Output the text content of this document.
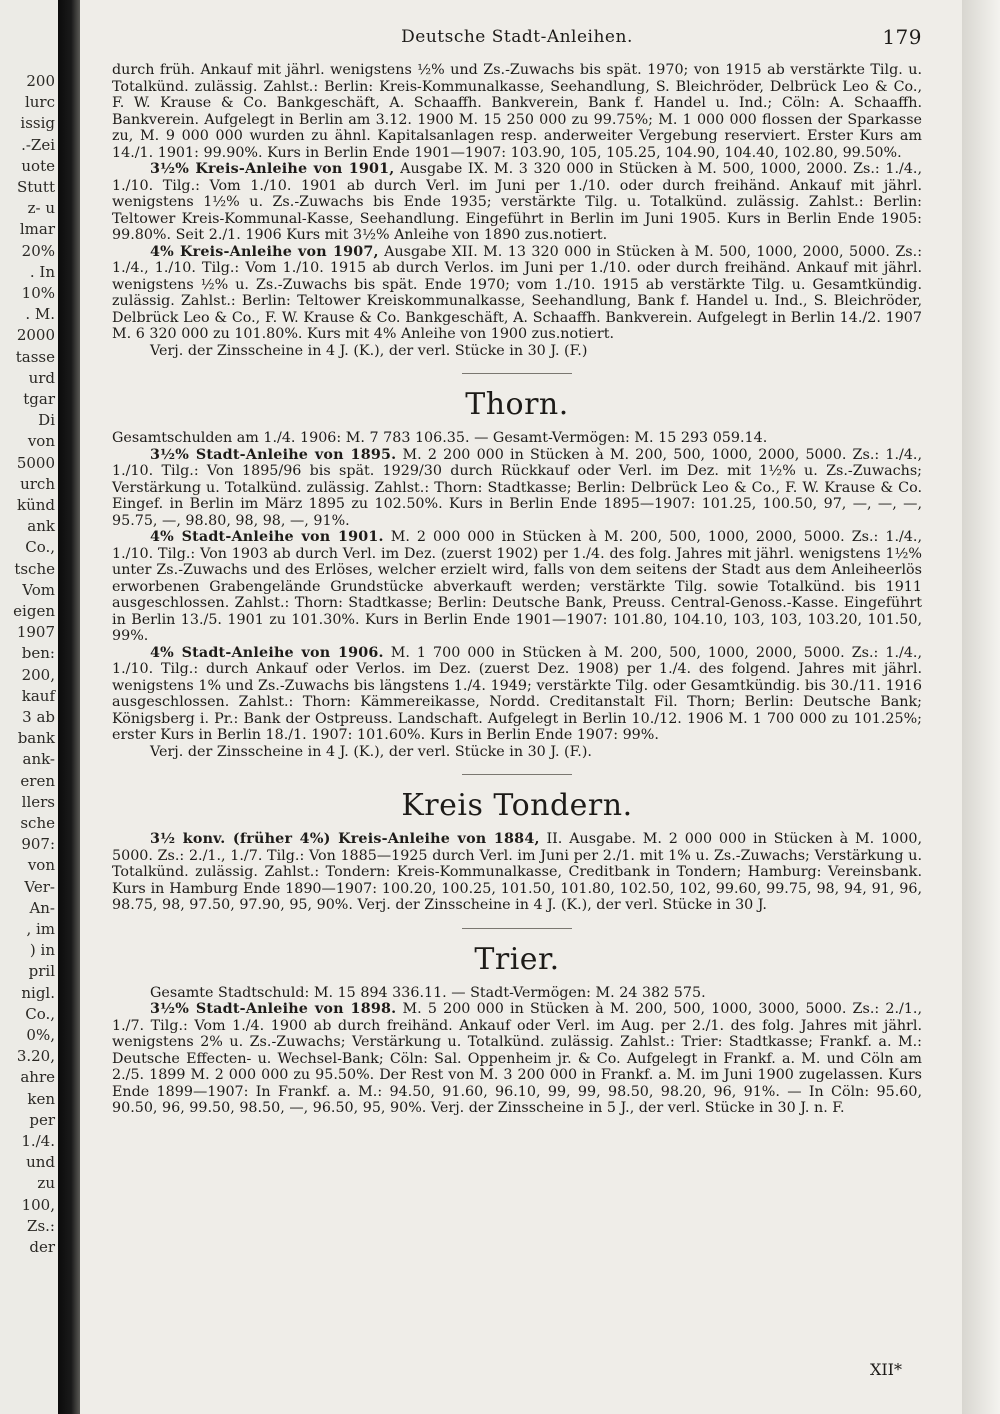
200
lurc
issig
.-Zei
uote
Stutt
z- u
lmar
20%
. In
10%
. M.
2000
tasse
urd
tgar
Di
von
5000
urch
künd
ank
Co.,
tsche
Vom
eigen
1907
ben:
200,
kauf
3 ab
bank
ank-
eren
llers
sche
907:
von
Ver-
An-
, im
) in
pril
nigl.
Co.,
0%,
3.20,
ahre
ken
per
1./4.
und
zu
100,
Zs.:
der
Deutsche Stadt-Anleihen.	179

durch früh. Ankauf mit jährl. wenigstens ½% und Zs.-Zuwachs bis spät. 1970; von 1915 ab verstärkte Tilg. u. Totalkünd. zulässig. Zahlst.: Berlin: Kreis-Kommunalkasse, Seehandlung, S. Bleichröder, Delbrück Leo & Co., F. W. Krause & Co. Bankgeschäft, A. Schaaffh. Bankverein, Bank f. Handel u. Ind.; Cöln: A. Schaaffh. Bankverein. Aufgelegt in Berlin am 3.12. 1900 M. 15 250 000 zu 99.75%; M. 1 000 000 flossen der Sparkasse zu, M. 9 000 000 wurden zu ähnl. Kapitalsanlagen resp. anderweiter Vergebung reserviert. Erster Kurs am 14./1. 1901: 99.90%. Kurs in Berlin Ende 1901—1907: 103.90, 105, 105.25, 104.90, 104.40, 102.80, 99.50%.

3½% Kreis-Anleihe von 1901, Ausgabe IX. M. 3 320 000 in Stücken à M. 500, 1000, 2000. Zs.: 1./4., 1./10. Tilg.: Vom 1./10. 1901 ab durch Verl. im Juni per 1./10. oder durch freihänd. Ankauf mit jährl. wenigstens 1½% u. Zs.-Zuwachs bis Ende 1935; verstärkte Tilg. u. Totalkünd. zulässig. Zahlst.: Berlin: Teltower Kreis-Kommunal-Kasse, Seehandlung. Eingeführt in Berlin im Juni 1905. Kurs in Berlin Ende 1905: 99.80%. Seit 2./1. 1906 Kurs mit 3½% Anleihe von 1890 zus.notiert.

4% Kreis-Anleihe von 1907, Ausgabe XII. M. 13 320 000 in Stücken à M. 500, 1000, 2000, 5000. Zs.: 1./4., 1./10. Tilg.: Vom 1./10. 1915 ab durch Verlos. im Juni per 1./10. oder durch freihänd. Ankauf mit jährl. wenigstens ½% u. Zs.-Zuwachs bis spät. Ende 1970; vom 1./10. 1915 ab verstärkte Tilg. u. Gesamtkündig. zulässig. Zahlst.: Berlin: Teltower Kreiskommunalkasse, Seehandlung, Bank f. Handel u. Ind., S. Bleichröder, Delbrück Leo & Co., F. W. Krause & Co. Bankgeschäft, A. Schaaffh. Bankverein. Aufgelegt in Berlin 14./2. 1907 M. 6 320 000 zu 101.80%. Kurs mit 4% Anleihe von 1900 zus.notiert.

Verj. der Zinsscheine in 4 J. (K.), der verl. Stücke in 30 J. (F.)

Thorn.

Gesamtschulden am 1./4. 1906: M. 7 783 106.35. — Gesamt-Vermögen: M. 15 293 059.14.

3½% Stadt-Anleihe von 1895. M. 2 200 000 in Stücken à M. 200, 500, 1000, 2000, 5000. Zs.: 1./4., 1./10. Tilg.: Von 1895/96 bis spät. 1929/30 durch Rückkauf oder Verl. im Dez. mit 1½% u. Zs.-Zuwachs; Verstärkung u. Totalkünd. zulässig. Zahlst.: Thorn: Stadtkasse; Berlin: Delbrück Leo & Co., F. W. Krause & Co. Eingef. in Berlin im März 1895 zu 102.50%. Kurs in Berlin Ende 1895—1907: 101.25, 100.50, 97, —, —, —, 95.75, —, 98.80, 98, 98, —, 91%.

4% Stadt-Anleihe von 1901. M. 2 000 000 in Stücken à M. 200, 500, 1000, 2000, 5000. Zs.: 1./4., 1./10. Tilg.: Von 1903 ab durch Verl. im Dez. (zuerst 1902) per 1./4. des folg. Jahres mit jährl. wenigstens 1½% unter Zs.-Zuwachs und des Erlöses, welcher erzielt wird, falls von dem seitens der Stadt aus dem Anleiheerlös erworbenen Grabengelände Grundstücke abverkauft werden; verstärkte Tilg. sowie Totalkünd. bis 1911 ausgeschlossen. Zahlst.: Thorn: Stadtkasse; Berlin: Deutsche Bank, Preuss. Central-Genoss.-Kasse. Eingeführt in Berlin 13./5. 1901 zu 101.30%. Kurs in Berlin Ende 1901—1907: 101.80, 104.10, 103, 103, 103.20, 101.50, 99%.

4% Stadt-Anleihe von 1906. M. 1 700 000 in Stücken à M. 200, 500, 1000, 2000, 5000. Zs.: 1./4., 1./10. Tilg.: durch Ankauf oder Verlos. im Dez. (zuerst Dez. 1908) per 1./4. des folgend. Jahres mit jährl. wenigstens 1% und Zs.-Zuwachs bis längstens 1./4. 1949; verstärkte Tilg. oder Gesamtkündig. bis 30./11. 1916 ausgeschlossen. Zahlst.: Thorn: Kämmereikasse, Nordd. Creditanstalt Fil. Thorn; Berlin: Deutsche Bank; Königsberg i. Pr.: Bank der Ostpreuss. Landschaft. Aufgelegt in Berlin 10./12. 1906 M. 1 700 000 zu 101.25%; erster Kurs in Berlin 18./1. 1907: 101.60%. Kurs in Berlin Ende 1907: 99%.

Verj. der Zinsscheine in 4 J. (K.), der verl. Stücke in 30 J. (F.).

Kreis Tondern.

3½ konv. (früher 4%) Kreis-Anleihe von 1884, II. Ausgabe. M. 2 000 000 in Stücken à M. 1000, 5000. Zs.: 2./1., 1./7. Tilg.: Von 1885—1925 durch Verl. im Juni per 2./1. mit 1% u. Zs.-Zuwachs; Verstärkung u. Totalkünd. zulässig. Zahlst.: Tondern: Kreis-Kommunalkasse, Creditbank in Tondern; Hamburg: Vereinsbank. Kurs in Hamburg Ende 1890—1907: 100.20, 100.25, 101.50, 101.80, 102.50, 102, 99.60, 99.75, 98, 94, 91, 96, 98.75, 98, 97.50, 97.90, 95, 90%. Verj. der Zinsscheine in 4 J. (K.), der verl. Stücke in 30 J.

Trier.

Gesamte Stadtschuld: M. 15 894 336.11. — Stadt-Vermögen: M. 24 382 575.

3½% Stadt-Anleihe von 1898. M. 5 200 000 in Stücken à M. 200, 500, 1000, 3000, 5000. Zs.: 2./1., 1./7. Tilg.: Vom 1./4. 1900 ab durch freihänd. Ankauf oder Verl. im Aug. per 2./1. des folg. Jahres mit jährl. wenigstens 2% u. Zs.-Zuwachs; Verstärkung u. Totalkünd. zulässig. Zahlst.: Trier: Stadtkasse; Frankf. a. M.: Deutsche Effecten- u. Wechsel-Bank; Cöln: Sal. Oppenheim jr. & Co. Aufgelegt in Frankf. a. M. und Cöln am 2./5. 1899 M. 2 000 000 zu 95.50%. Der Rest von M. 3 200 000 in Frankf. a. M. im Juni 1900 zugelassen. Kurs Ende 1899—1907: In Frankf. a. M.: 94.50, 91.60, 96.10, 99, 99, 98.50, 98.20, 96, 91%. — In Cöln: 95.60, 90.50, 96, 99.50, 98.50, —, 96.50, 95, 90%. Verj. der Zinsscheine in 5 J., der verl. Stücke in 30 J. n. F.

XII*
